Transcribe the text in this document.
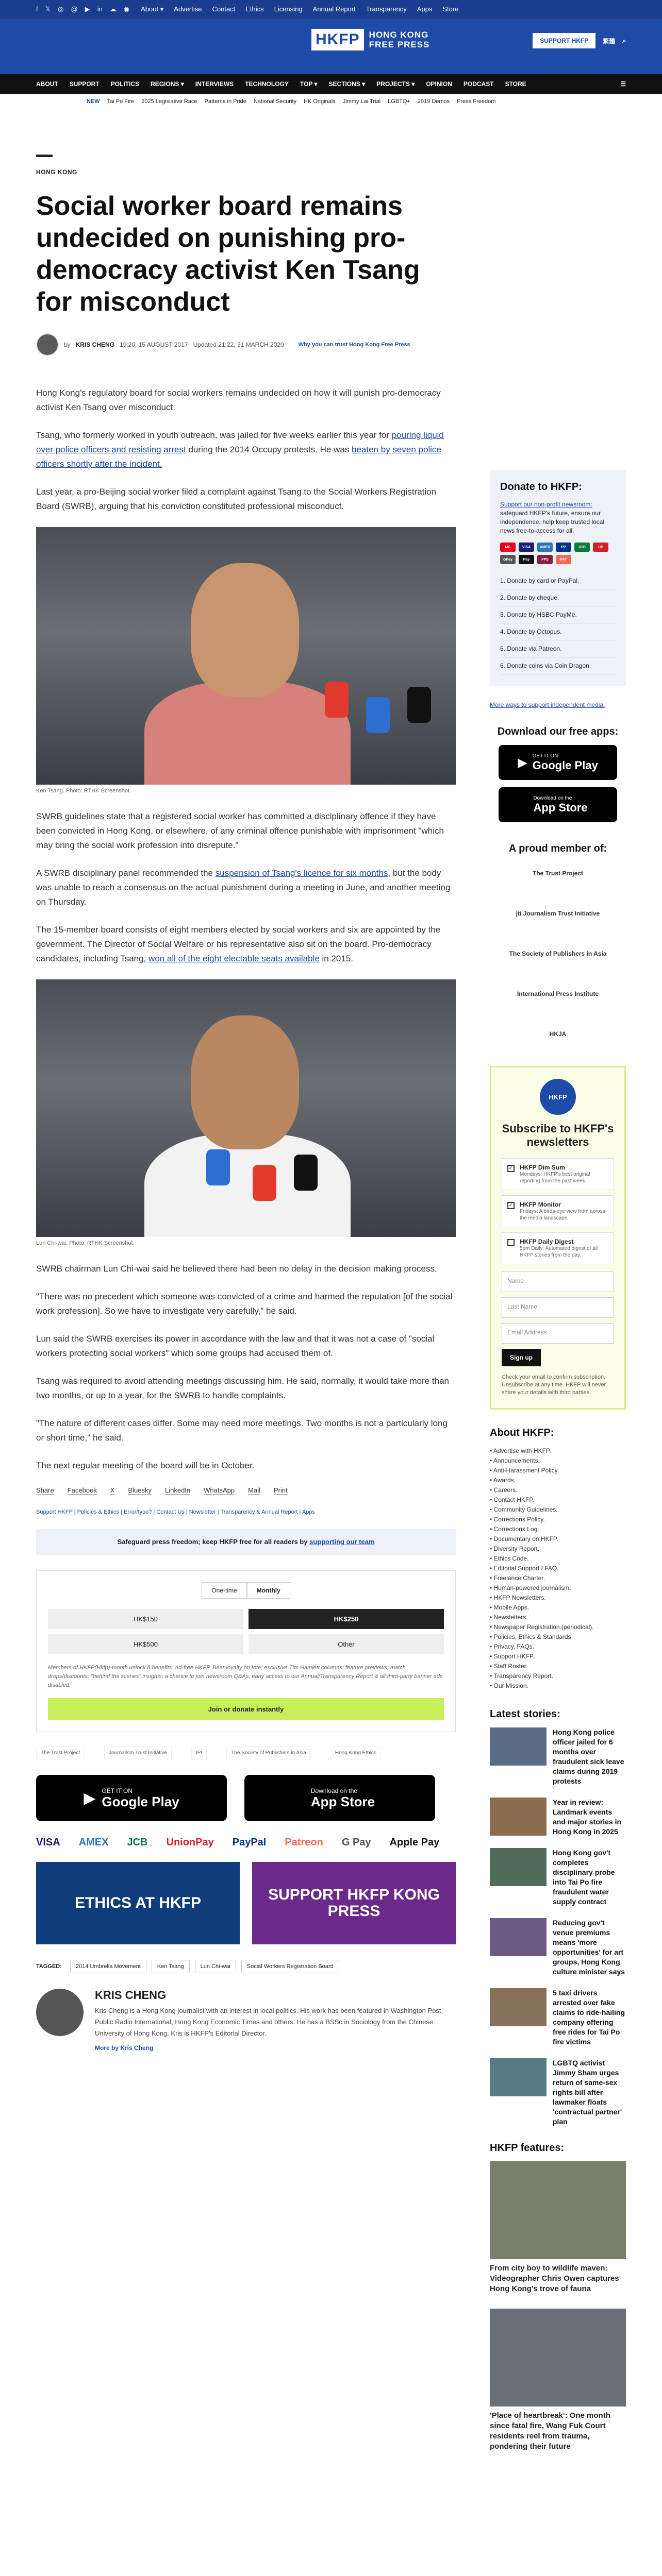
f 𝕏 ◎ @ ▶ in ☁ ◉ About ▾ Advertise Contact Ethics Licensing Annual Report Transparency Apps Store
HKFP	HONG KONG
FREE PRESS	SUPPORT HKFP	繁體 ⌕
ABOUT SUPPORT POLITICS REGIONS ▾ INTERVIEWS TECHNOLOGY TOP ▾ SECTIONS ▾ PROJECTS ▾ OPINION PODCAST STORE	☰
NEW Tai Po Fire 2025 Legislative Race Patterns in Pride National Security HK Originals Jimmy Lai Trial LGBTQ+ 2019 Demos Press Freedom
HONG KONG
Social worker board remains undecided on punishing pro-democracy activist Ken Tsang for misconduct
by KRIS CHENG 19:20, 15 AUGUST 2017 Updated 21:22, 31 MARCH 2020	Why you can trust Hong Kong Free Press

Hong Kong's regulatory board for social workers remains undecided on how it will punish pro-democracy activist Ken Tsang over misconduct.

Tsang, who formerly worked in youth outreach, was jailed for five weeks earlier this year for pouring liquid over police officers and resisting arrest during the 2014 Occupy protests. He was beaten by seven police officers shortly after the incident.

Last year, a pro-Beijing social worker filed a complaint against Tsang to the Social Workers Registration Board (SWRB), arguing that his conviction constituted professional misconduct.

Ken Tsang. Photo: RTHK Screenshot.

SWRB guidelines state that a registered social worker has committed a disciplinary offence if they have been convicted in Hong Kong, or elsewhere, of any criminal offence punishable with imprisonment "which may bring the social work profession into disrepute."

A SWRB disciplinary panel recommended the suspension of Tsang's licence for six months, but the body was unable to reach a consensus on the actual punishment during a meeting in June, and another meeting on Thursday.

The 15-member board consists of eight members elected by social workers and six are appointed by the government. The Director of Social Welfare or his representative also sit on the board. Pro-democracy candidates, including Tsang, won all of the eight electable seats available in 2015.

Lun Chi-wai. Photo: RTHK Screenshot.

SWRB chairman Lun Chi-wai said he believed there had been no delay in the decision making process.

"There was no precedent which someone was convicted of a crime and harmed the reputation [of the social work profession]. So we have to investigate very carefully," he said.

Lun said the SWRB exercises its power in accordance with the law and that it was not a case of "social workers protecting social workers" which some groups had accused them of.

Tsang was required to avoid attending meetings discussing him. He said, normally, it would take more than two months, or up to a year, for the SWRB to handle complaints.

"The nature of different cases differ. Some may need more meetings. Two months is not a particularly long or short time," he said.

The next regular meeting of the board will be in October.

Share Facebook X Bluesky LinkedIn WhatsApp Mail Print
Support HKFP | Policies & Ethics | Error/typo? | Contact Us | Newsletter | Transparency & Annual Report | Apps
Safeguard press freedom; keep HKFP free for all readers by supporting our team
One-time	Monthly
HK$150	HK$250
HK$500	Other
Members of HKFP(Hkfp)-month unlock 8 benefits: Ad-free HKFP. Bear loyalty on tote; exclusive Tim Hamlett columns; feature previews; match drops/discounts; "behind the scenes" insights; a chance to join newsroom Q&As; early access to our Annual/Transparency Report & all third-party banner ads disabled.
Join or donate instantly
The Trust Project	Journalism Trust Initiative	IPI	The Society of Publishers in Asia	Hong Kong Ethics
▶ GET IT ON
Google Play
Download on the
App Store
VISA AMEX JCB UnionPay PayPal Patreon G Pay Apple Pay
ETHICS AT HKFP	SUPPORT HKFP KONG PRESS
TAGGED:	2014 Umbrella Movement	Ken Tsang	Lun Chi-wai	Social Workers Registration Board
KRIS CHENG
Kris Cheng is a Hong Kong journalist with an interest in local politics. His work has been featured in Washington Post, Public Radio International, Hong Kong Economic Times and others. He has a BSSc in Sociology from the Chinese University of Hong Kong. Kris is HKFP's Editorial Director.
More by Kris Cheng
Donate to HKFP:
Support our non-profit newsroom: safeguard HKFP's future, ensure our independence, help keep trusted local news free-to-access for all.
MC	VISA	AMEX	PP	JCB	UP
GPay	Pay	FPS	PAT
1. Donate by card or PayPal.
2. Donate by cheque.
3. Donate by HSBC PayMe.
4. Donate by Octopus.
5. Donate via Patreon.
6. Donate coins via Coin Dragon.
More ways to support independent media.
Download our free apps:
▶ GET IT ON
Google Play
Download on the
App Store
A proud member of:
The Trust Project
jti Journalism Trust Initiative
The Society of Publishers in Asia
International Press Institute
HKJA
HKFP
Subscribe to HKFP's newsletters
✓ HKFP Dim Sum
Mondays: HKFP's best original reporting from the past week.
✓ HKFP Monitor
Fridays: A birds-eye view from across the media landscape.
HKFP Daily Digest
5pm Daily: Automated digest of all HKFP stories from the day.
Name
Last Name
Email Address
Sign up
Check your email to confirm subscription. Unsubscribe at any time. HKFP will never share your details with third parties.
About HKFP:
• Advertise with HKFP.
• Announcements.
• Anti-Harassment Policy.
• Awards.
• Careers.
• Contact HKFP.
• Community Guidelines.
• Corrections Policy.
• Corrections Log.
• Documentary on HKFP.
• Diversity Report.
• Ethics Code.
• Editorial Support / FAQ.
• Freelance Charter.
• Human-powered journalism.
• HKFP Newsletters.
• Mobile Apps.
• Newsletters.
• Newspaper Registration (periodical).
• Policies, Ethics & Standards.
• Privacy, FAQs.
• Support HKFP.
• Staff Roster.
• Transparency Report.
• Our Mission.
Latest stories:
Hong Kong police officer jailed for 6 months over fraudulent sick leave claims during 2019 protests
Year in review: Landmark events and major stories in Hong Kong in 2025
Hong Kong gov't completes disciplinary probe into Tai Po fire fraudulent water supply contract
Reducing gov't venue premiums means 'more opportunities' for art groups, Hong Kong culture minister says
5 taxi drivers arrested over fake claims to ride-hailing company offering free rides for Tai Po fire victims
LGBTQ activist Jimmy Sham urges return of same-sex rights bill after lawmaker floats 'contractual partner' plan
HKFP features:
From city boy to wildlife maven: Videographer Chris Owen captures Hong Kong's trove of fauna
'Place of heartbreak': One month since fatal fire, Wang Fuk Court residents reel from trauma, pondering their future
